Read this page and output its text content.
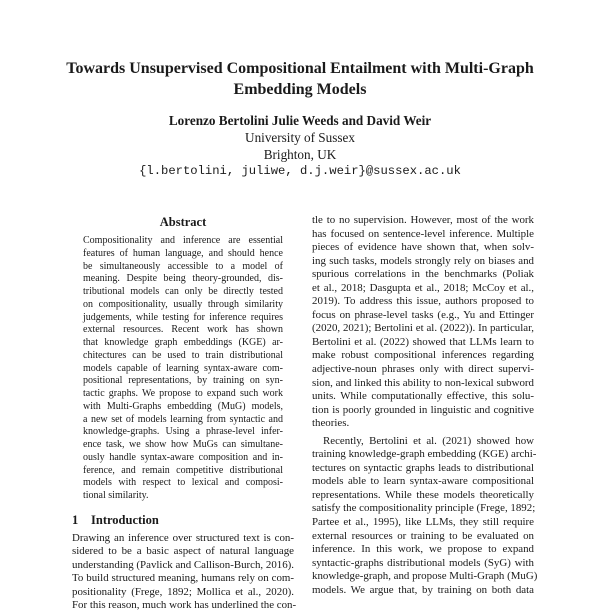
Towards Unsupervised Compositional Entailment with Multi-Graph
Embedding Models
Lorenzo Bertolini Julie Weeds and David Weir
University of Sussex
Brighton, UK
{l.bertolini, juliwe, d.j.weir}@sussex.ac.uk
Abstract
Compositionality and inference are essential
features of human language, and should hence
be simultaneously accessible to a model of
meaning. Despite being theory-grounded, dis-
tributional models can only be directly tested
on compositionality, usually through similarity
judgements, while testing for inference requires
external resources. Recent work has shown
that knowledge graph embeddings (KGE) ar-
chitectures can be used to train distributional
models capable of learning syntax-aware com-
positional representations, by training on syn-
tactic graphs. We propose to expand such work
with Multi-Graphs embedding (MuG) models,
a new set of models learning from syntactic and
knowledge-graphs. Using a phrase-level infer-
ence task, we show how MuGs can simultane-
ously handle syntax-aware composition and in-
ference, and remain competitive distributional
models with respect to lexical and composi-
tional similarity.
1 Introduction
Drawing an inference over structured text is con-
sidered to be a basic aspect of natural language
understanding (Pavlick and Callison-Burch, 2016).
To build structured meaning, humans rely on com-
positionality (Frege, 1892; Mollica et al., 2020).
For this reason, much work has underlined the con-
tle to no supervision. However, most of the work
has focused on sentence-level inference. Multiple
pieces of evidence have shown that, when solv-
ing such tasks, models strongly rely on biases and
spurious correlations in the benchmarks (Poliak
et al., 2018; Dasgupta et al., 2018; McCoy et al.,
2019). To address this issue, authors proposed to
focus on phrase-level tasks (e.g., Yu and Ettinger
(2020, 2021); Bertolini et al. (2022)). In particular,
Bertolini et al. (2022) showed that LLMs learn to
make robust compositional inferences regarding
adjective-noun phrases only with direct supervi-
sion, and linked this ability to non-lexical subword
units. While computationally effective, this solu-
tion is poorly grounded in linguistic and cognitive
theories.
Recently, Bertolini et al. (2021) showed how
training knowledge-graph embedding (KGE) archi-
tectures on syntactic graphs leads to distributional
models able to learn syntax-aware compositional
representations. While these models theoretically
satisfy the compositionality principle (Frege, 1892;
Partee et al., 1995), like LLMs, they still require
external resources or training to be evaluated on
inference. In this work, we propose to expand
syntactic-graphs distributional models (SyG) with
knowledge-graph, and propose Multi-Graph (MuG)
models. We argue that, by training on both data
